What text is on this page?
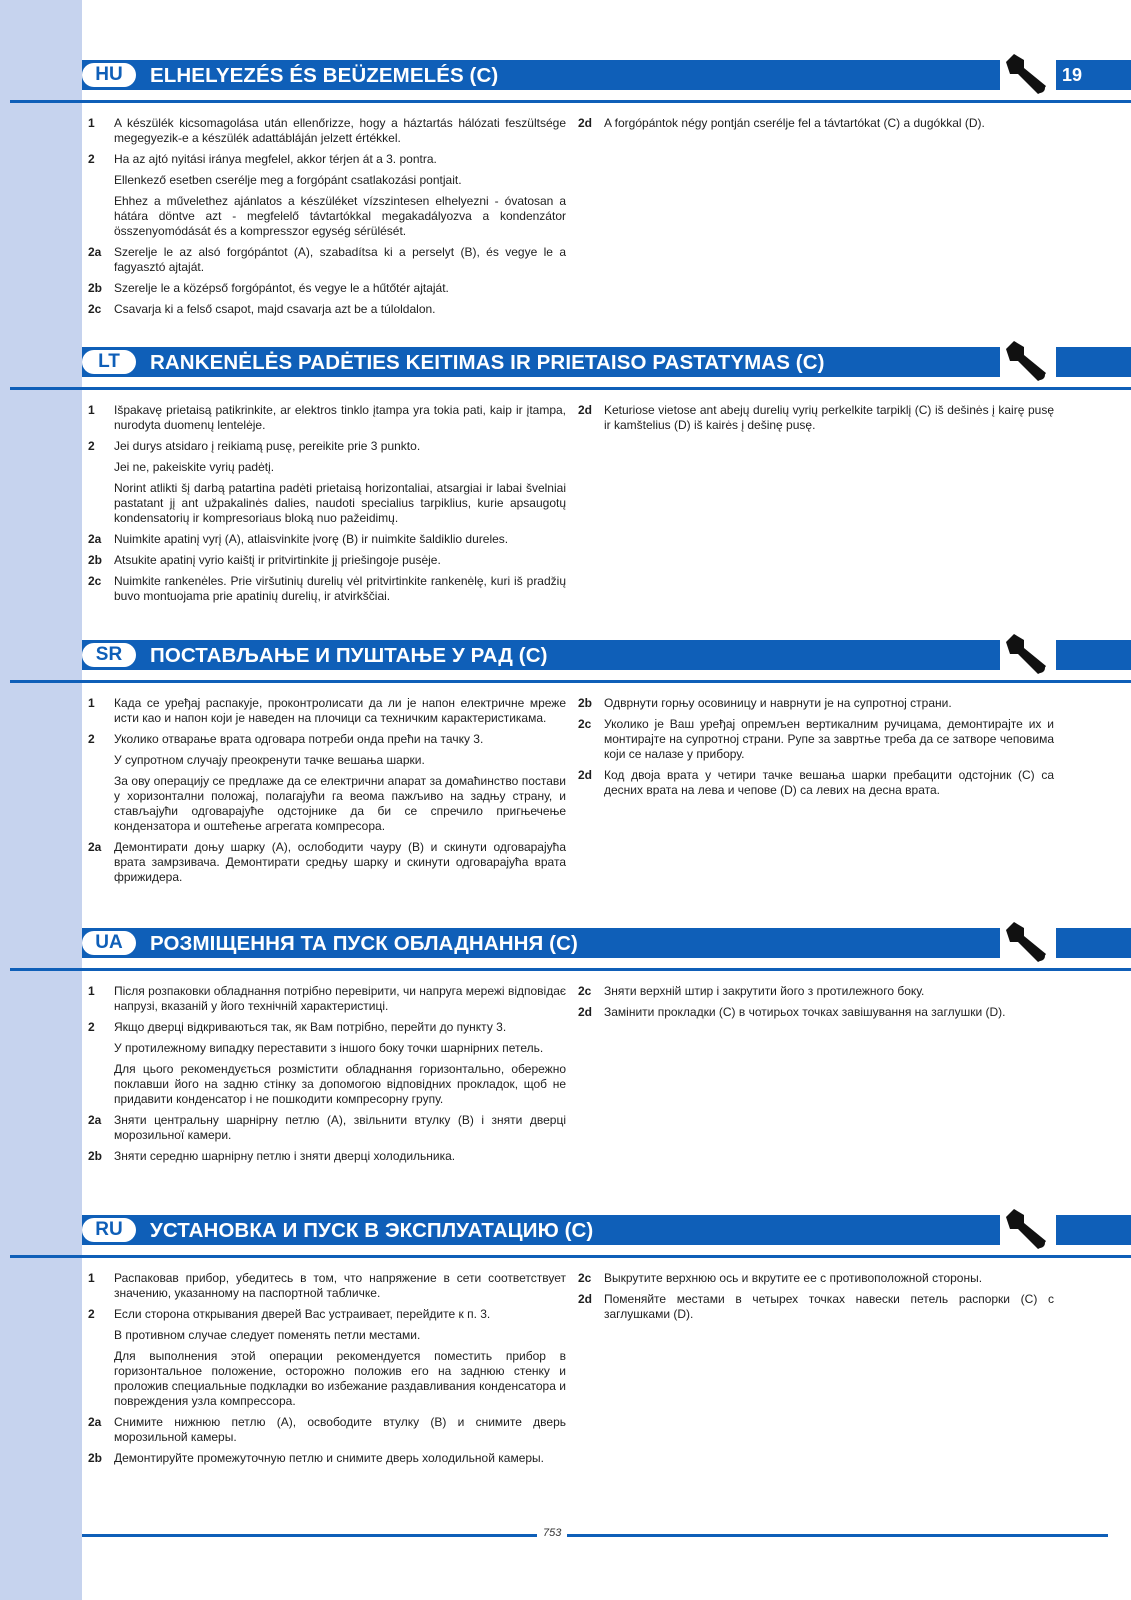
HU	ELHELYEZÉS ÉS BEÜZEMELÉS (C)	19
1 A készülék kicsomagolása után ellenőrizze, hogy a háztartás hálózati feszültsége megegyezik-e a készülék adattábláján jelzett értékkel.
2 Ha az ajtó nyitási iránya megfelel, akkor térjen át a 3. pontra.
Ellenkező esetben cserélje meg a forgópánt csatlakozási pontjait.
Ehhez a művelethez ajánlatos a készüléket vízszintesen elhelyezni - óvatosan a hátára döntve azt - megfelelő távtartókkal megakadályozva a kondenzátor összenyomódását és a kompresszor egység sérülését.
2a Szerelje le az alsó forgópántot (A), szabadítsa ki a perselyt (B), és vegye le a fagyasztó ajtaját.
2b Szerelje le a középső forgópántot, és vegye le a hűtőtér ajtaját.
2c Csavarja ki a felső csapot, majd csavarja azt be a túloldalon.
2d A forgópántok négy pontján cserélje fel a távtartókat (C) a dugókkal (D).
LT	RANKENĖLĖS PADĖTIES KEITIMAS IR PRIETAISO PASTATYMAS (C)
1 Išpakavę prietaisą patikrinkite, ar elektros tinklo įtampa yra tokia pati, kaip ir įtampa, nurodyta duomenų lentelėje.
2 Jei durys atsidaro į reikiamą pusę, pereikite prie 3 punkto.
Jei ne, pakeiskite vyrių padėtį.
Norint atlikti šį darbą patartina padėti prietaisą horizontaliai, atsargiai ir labai švelniai pastatant jį ant užpakalinės dalies, naudoti specialius tarpiklius, kurie apsaugotų kondensatorių ir kompresoriaus bloką nuo pažeidimų.
2a Nuimkite apatinį vyrį (A), atlaisvinkite įvorę (B) ir nuimkite šaldiklio dureles.
2b Atsukite apatinį vyrio kaištį ir pritvirtinkite jį priešingoje pusėje.
2c Nuimkite rankenėles. Prie viršutinių durelių vėl pritvirtinkite rankenėlę, kuri iš pradžių buvo montuojama prie apatinių durelių, ir atvirkščiai.
2d Keturiose vietose ant abejų durelių vyrių perkelkite tarpiklį (C) iš dešinės į kairę pusę ir kamštelius (D) iš kairės į dešinę pusę.
SR	ПОСТАВЉАЊЕ И ПУШТАЊЕ У РАД (C)
1 Када се уређај распакује, проконтролисати да ли је напон електричне мреже исти као и напон који је наведен на плочици са техничким карактеристикама.
2 Уколико отварање врата одговара потреби онда прећи на тачку 3.
У супротном случају преокренути тачке вешања шарки.
За ову операцију се предлаже да се електрични апарат за домаћинство постави у хоризонтални положај, полагајући га веома пажљиво на задњу страну, и стављајући одговарајуће одстојнике да би се спречило пригњечење кондензатора и оштећење агрегата компресора.
2a Демонтирати доњу шарку (A), ослободити чауру (B) и скинути одговарајућа врата замрзивача. Демонтирати средњу шарку и скинути одговарајућа врата фрижидера.
2b Одврнути горњу осовиницу и наврнути је на супротној страни.
2c Уколико је Ваш уређај опремљен вертикалним ручицама, демонтирајте их и монтирајте на супротној страни. Рупе за завртње треба да се затворе чеповима који се налазе у прибору.
2d Код двоја врата у четири тачке вешања шарки пребацити одстојник (C) са десних врата на лева и чепове (D) са левих на десна врата.
UA	РОЗМІЩЕННЯ ТА ПУСК ОБЛАДНАННЯ (C)
1 Після розпаковки обладнання потрібно перевірити, чи напруга мережі відповідає напрузі, вказаній у його технічній характеристиці.
2 Якщо дверці відкриваються так, як Вам потрібно, перейти до пункту 3.
У протилежному випадку переставити з іншого боку точки шарнірних петель.
Для цього рекомендується розмістити обладнання горизонтально, обережно поклавши його на задню стінку за допомогою відповідних прокладок, щоб не придавити конденсатор і не пошкодити компресорну групу.
2a Зняти центральну шарнірну петлю (A), звільнити втулку (B) і зняти дверці морозильної камери.
2b Зняти середню шарнірну петлю і зняти дверці холодильника.
2c Зняти верхній штир і закрутити його з протилежного боку.
2d Замінити прокладки (C) в чотирьох точках завішування на заглушки (D).
RU	УСТАНОВКА И ПУСК В ЭКСПЛУАТАЦИЮ (C)
1 Распаковав прибор, убедитесь в том, что напряжение в сети соответствует значению, указанному на паспортной табличке.
2 Если сторона открывания дверей Вас устраивает, перейдите к п. 3.
В противном случае следует поменять петли местами.
Для выполнения этой операции рекомендуется поместить прибор в горизонтальное положение, осторожно положив его на заднюю стенку и проложив специальные подкладки во избежание раздавливания конденсатора и повреждения узла компрессора.
2a Снимите нижнюю петлю (A), освободите втулку (B) и снимите дверь морозильной камеры.
2b Демонтируйте промежуточную петлю и снимите дверь холодильной камеры.
2c Выкрутите верхнюю ось и вкрутите ее с противоположной стороны.
2d Поменяйте местами в четырех точках навески петель распорки (C) с заглушками (D).
753
